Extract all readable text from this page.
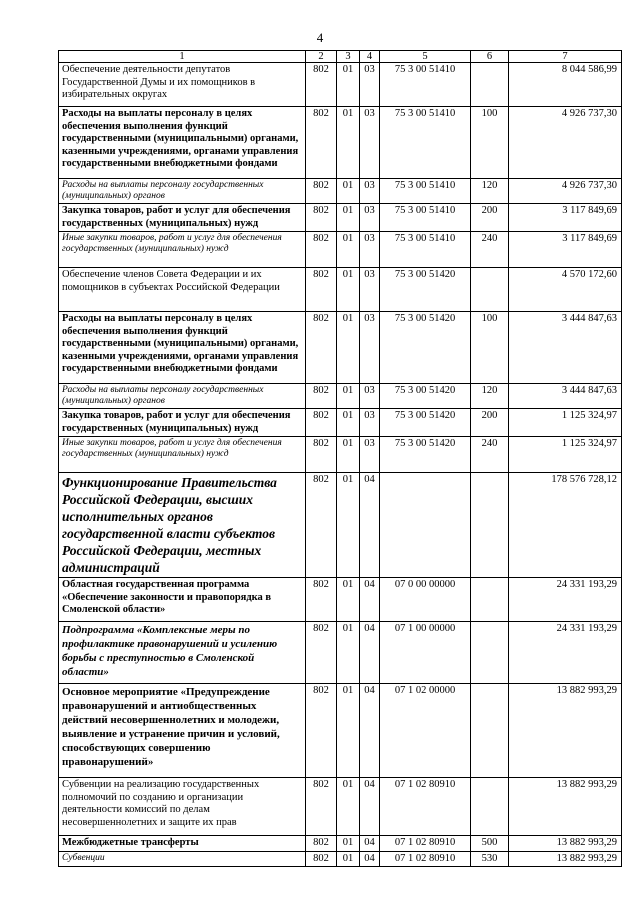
4
1	2	3	4	5	6	7
Обеспечение деятельности депутатов Государственной Думы и их помощников в избирательных округах	802	01	03	75 3 00 51410		8 044 586,99
Расходы на выплаты персоналу в целях обеспечения выполнения функций государственными (муниципальными) органами, казенными учреждениями, органами управления государственными внебюджетными фондами	802	01	03	75 3 00 51410	100	4 926 737,30
Расходы на выплаты персоналу государственных (муниципальных) органов	802	01	03	75 3 00 51410	120	4 926 737,30
Закупка товаров, работ и услуг для обеспечения государственных (муниципальных) нужд	802	01	03	75 3 00 51410	200	3 117 849,69
Иные закупки товаров, работ и услуг для обеспечения государственных (муниципальных) нужд	802	01	03	75 3 00 51410	240	3 117 849,69
Обеспечение членов Совета Федерации и их помощников в субъектах Российской Федерации	802	01	03	75 3 00 51420		4 570 172,60
Расходы на выплаты персоналу в целях обеспечения выполнения функций государственными (муниципальными) органами, казенными учреждениями, органами управления государственными внебюджетными фондами	802	01	03	75 3 00 51420	100	3 444 847,63
Расходы на выплаты персоналу государственных (муниципальных) органов	802	01	03	75 3 00 51420	120	3 444 847,63
Закупка товаров, работ и услуг для обеспечения государственных (муниципальных) нужд	802	01	03	75 3 00 51420	200	1 125 324,97
Иные закупки товаров, работ и услуг для обеспечения государственных (муниципальных) нужд	802	01	03	75 3 00 51420	240	1 125 324,97
Функционирование Правительства Российской Федерации, высших исполнительных органов государственной власти субъектов Российской Федерации, местных администраций	802	01	04			178 576 728,12
Областная государственная программа «Обеспечение законности и правопорядка в Смоленской области»	802	01	04	07 0 00 00000		24 331 193,29
Подпрограмма «Комплексные меры по профилактике правонарушений и усилению борьбы с преступностью в Смоленской области»	802	01	04	07 1 00 00000		24 331 193,29
Основное мероприятие «Предупреждение правонарушений и антиобщественных действий несовершеннолетних и молодежи, выявление и устранение причин и условий, способствующих совершению правонарушений»	802	01	04	07 1 02 00000		13 882 993,29
Субвенции на реализацию государственных полномочий по созданию и организации деятельности комиссий по делам несовершеннолетних и защите их прав	802	01	04	07 1 02 80910		13 882 993,29
Межбюджетные трансферты	802	01	04	07 1 02 80910	500	13 882 993,29
Субвенции	802	01	04	07 1 02 80910	530	13 882 993,29
